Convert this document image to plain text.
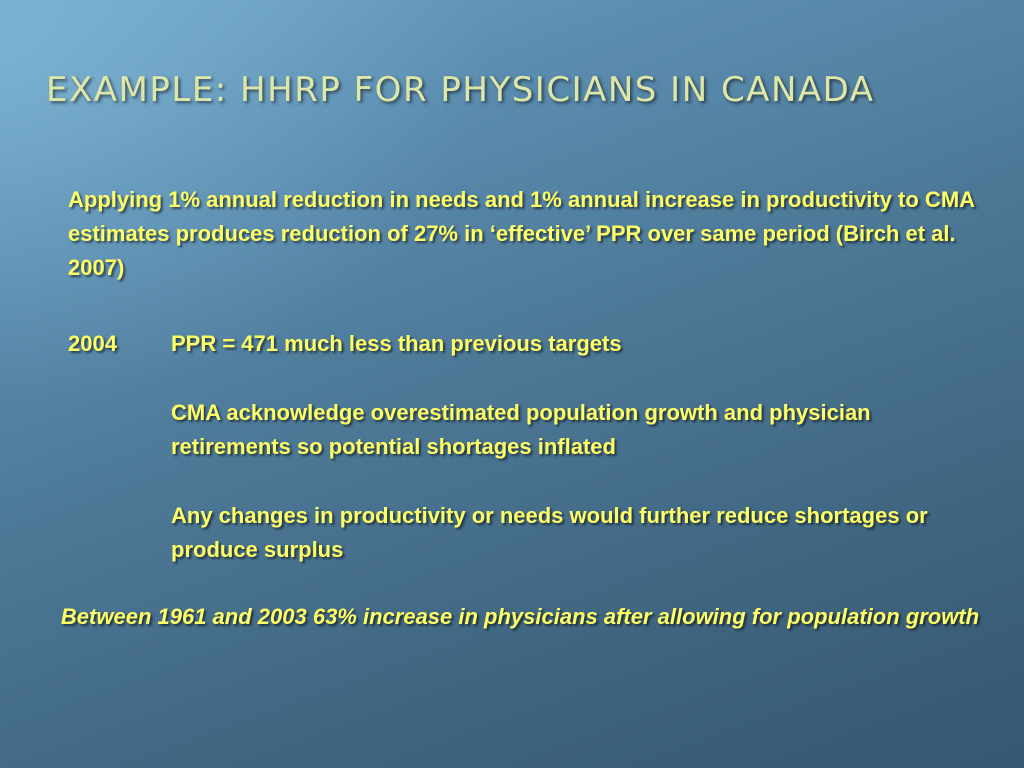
EXAMPLE: HHRP FOR PHYSICIANS IN CANADA

Applying 1% annual reduction in needs and 1% annual increase in productivity to CMA estimates produces reduction of 27% in ‘effective’ PPR over same period (Birch et al. 2007)

2004	PPR = 471 much less than previous targets

CMA acknowledge overestimated population growth and physician retirements so potential shortages inflated

Any changes in productivity or needs would further reduce shortages or produce surplus

Between 1961 and 2003 63% increase in physicians after allowing for population growth
